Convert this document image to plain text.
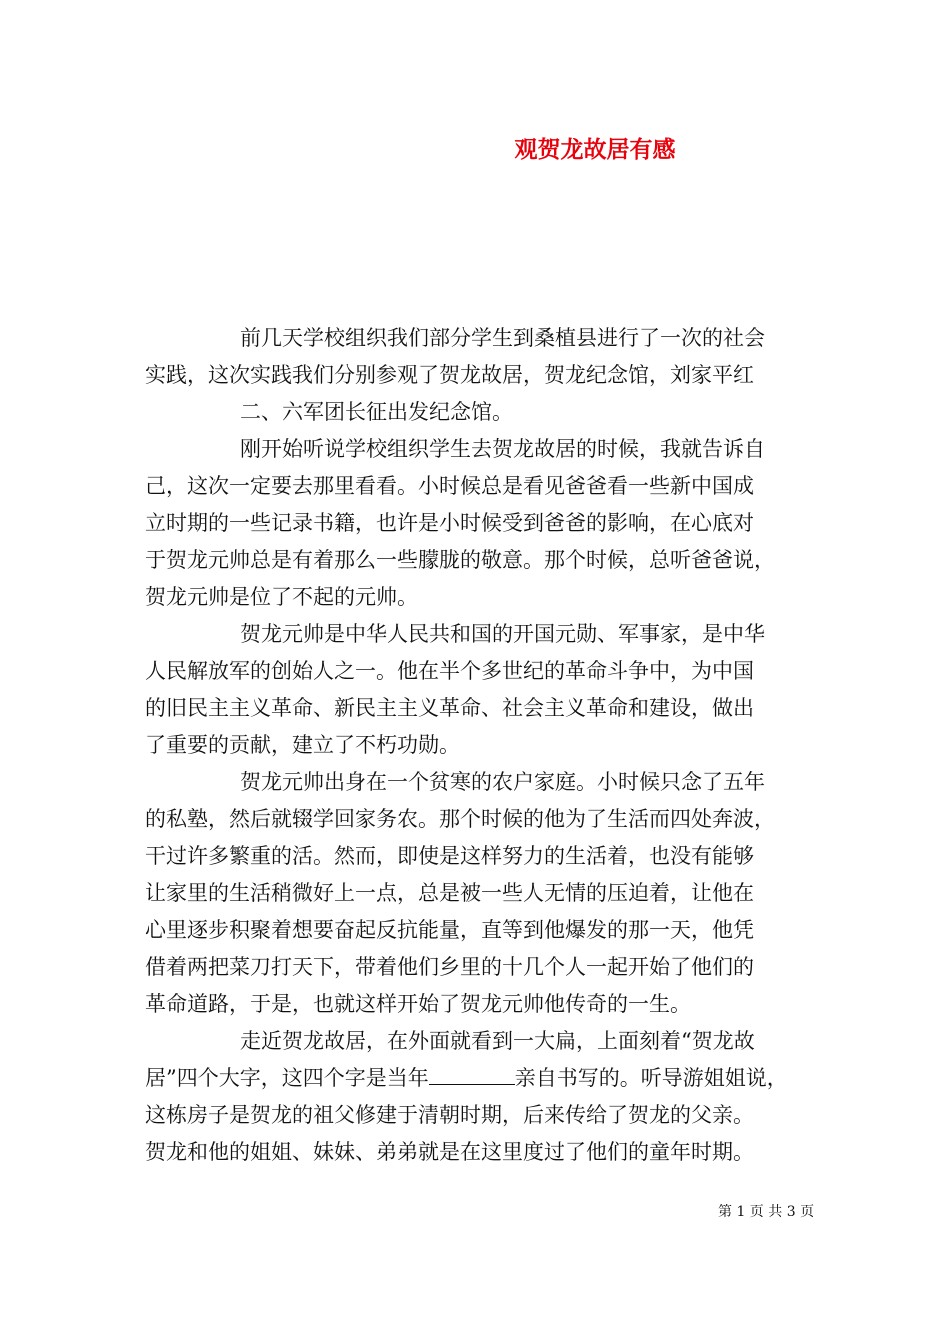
观贺龙故居有感
前几天学校组织我们部分学生到桑植县进行了一次的社会
实践，这次实践我们分别参观了贺龙故居，贺龙纪念馆，刘家平红
二、六军团长征出发纪念馆。
刚开始听说学校组织学生去贺龙故居的时候，我就告诉自
己，这次一定要去那里看看。小时候总是看见爸爸看一些新中国成
立时期的一些记录书籍，也许是小时候受到爸爸的影响，在心底对
于贺龙元帅总是有着那么一些朦胧的敬意。那个时候，总听爸爸说，
贺龙元帅是位了不起的元帅。
贺龙元帅是中华人民共和国的开国元勋、军事家，是中华
人民解放军的创始人之一。他在半个多世纪的革命斗争中，为中国
的旧民主主义革命、新民主主义革命、社会主义革命和建设，做出
了重要的贡献，建立了不朽功勋。
贺龙元帅出身在一个贫寒的农户家庭。小时候只念了五年
的私塾，然后就辍学回家务农。那个时候的他为了生活而四处奔波，
干过许多繁重的活。然而，即使是这样努力的生活着，也没有能够
让家里的生活稍微好上一点，总是被一些人无情的压迫着，让他在
心里逐步积聚着想要奋起反抗能量，直等到他爆发的那一天，他凭
借着两把菜刀打天下，带着他们乡里的十几个人一起开始了他们的
革命道路，于是，也就这样开始了贺龙元帅他传奇的一生。
走近贺龙故居，在外面就看到一大扁，上面刻着“贺龙故
居”四个大字，这四个字是当年	亲自书写的。听导游姐姐说，
这栋房子是贺龙的祖父修建于清朝时期，后来传给了贺龙的父亲。
贺龙和他的姐姐、妹妹、弟弟就是在这里度过了他们的童年时期。
第 1 页 共 3 页
